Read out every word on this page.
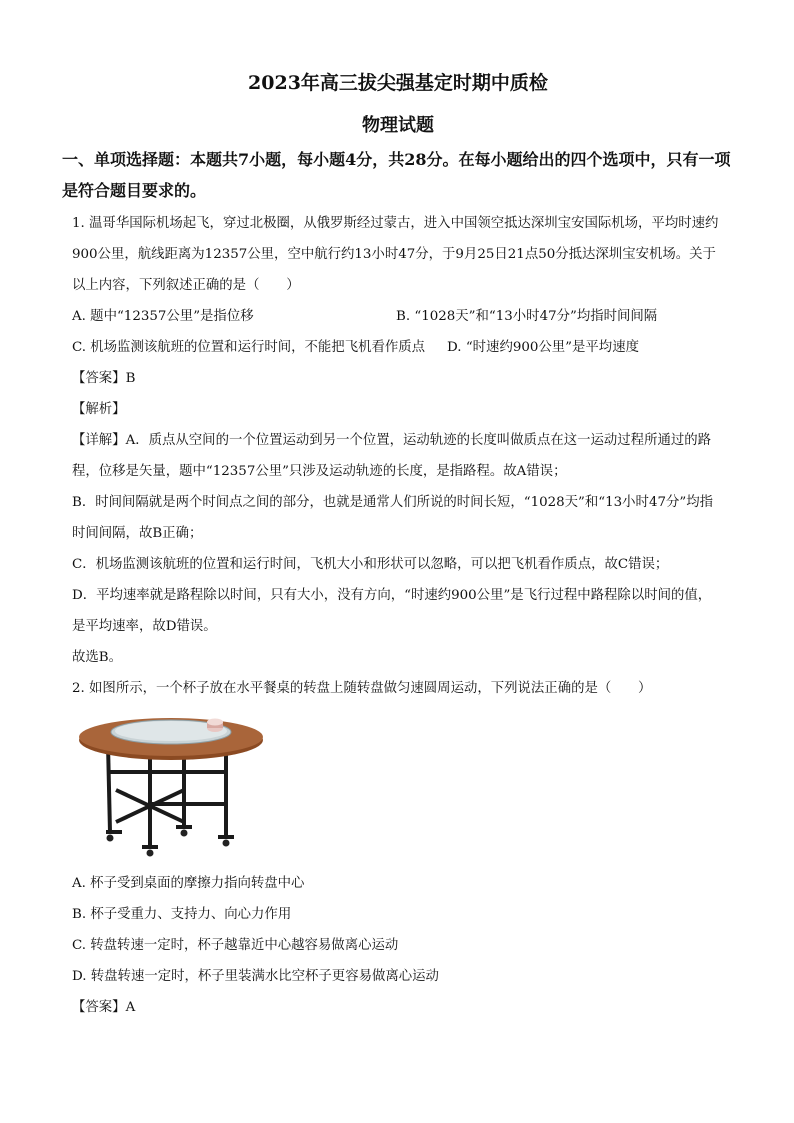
2023年高三拔尖强基定时期中质检
物理试题
一、单项选择题：本题共7小题，每小题4分，共28分。在每小题给出的四个选项中，只有一项是符合题目要求的。

1. 温哥华国际机场起飞，穿过北极圈，从俄罗斯经过蒙古，进入中国领空抵达深圳宝安国际机场，平均时速约900公里，航线距离为12357公里，空中航行约13小时47分，于9月25日21点50分抵达深圳宝安机场。关于以上内容，下列叙述正确的是（　　）

A. 题中“12357公里”是指位移	B. “1028天”和“13小时47分”均指时间间隔
C. 机场监测该航班的位置和运行时间，不能把飞机看作质点 D. “时速约900公里”是平均速度

【答案】B

【解析】

【详解】A．质点从空间的一个位置运动到另一个位置，运动轨迹的长度叫做质点在这一运动过程所通过的路程，位移是矢量，题中“12357公里”只涉及运动轨迹的长度，是指路程。故A错误；

B．时间间隔就是两个时间点之间的部分，也就是通常人们所说的时间长短，“1028天”和“13小时47分”均指时间间隔，故B正确；

C．机场监测该航班的位置和运行时间，飞机大小和形状可以忽略，可以把飞机看作质点，故C错误；

D．平均速率就是路程除以时间，只有大小，没有方向，“时速约900公里”是飞行过程中路程除以时间的值，是平均速率，故D错误。

故选B。

2. 如图所示，一个杯子放在水平餐桌的转盘上随转盘做匀速圆周运动，下列说法正确的是（　　）

A. 杯子受到桌面的摩擦力指向转盘中心

B. 杯子受重力、支持力、向心力作用

C. 转盘转速一定时，杯子越靠近中心越容易做离心运动

D. 转盘转速一定时，杯子里装满水比空杯子更容易做离心运动

【答案】A
